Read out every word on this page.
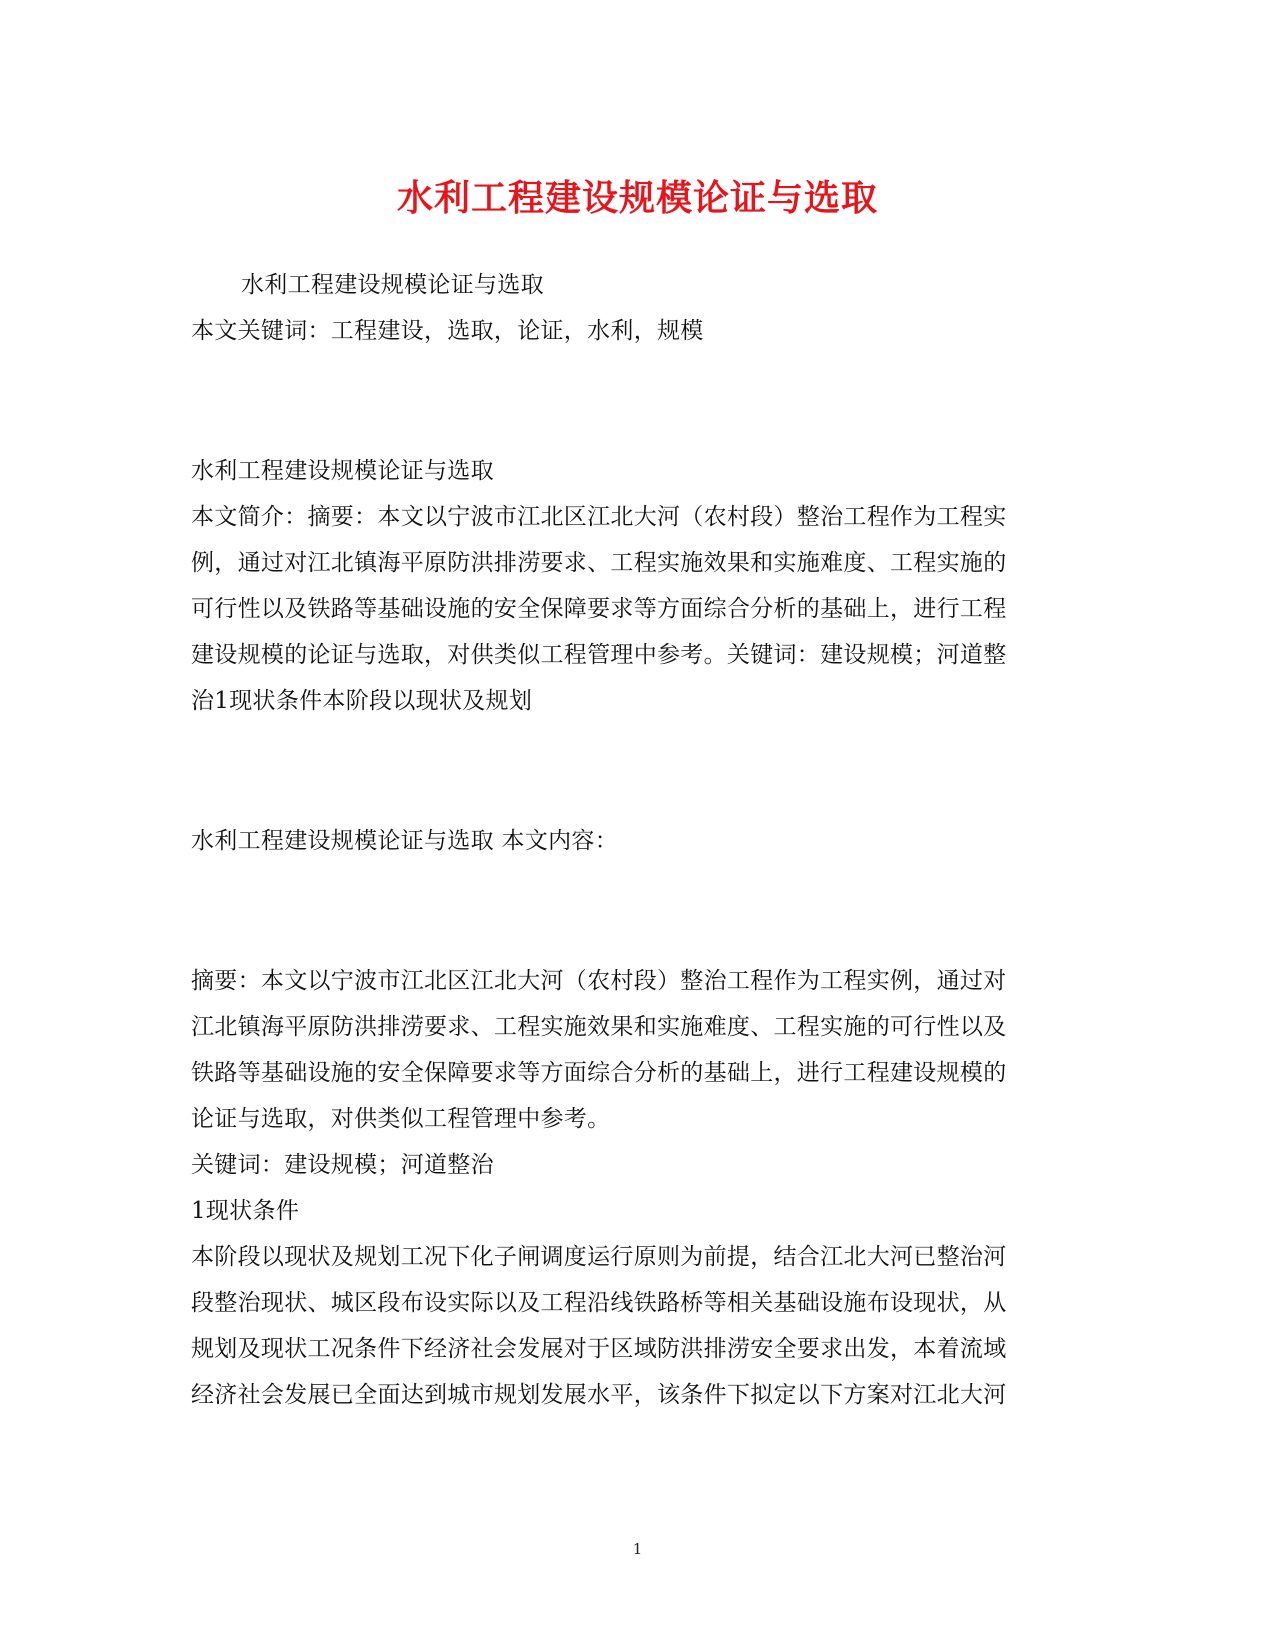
水利工程建设规模论证与选取
水利工程建设规模论证与选取
本文关键词：工程建设，选取，论证，水利，规模
水利工程建设规模论证与选取
本文简介：摘要：本文以宁波市江北区江北大河（农村段）整治工程作为工程实
例，通过对江北镇海平原防洪排涝要求、工程实施效果和实施难度、工程实施的
可行性以及铁路等基础设施的安全保障要求等方面综合分析的基础上，进行工程
建设规模的论证与选取，对供类似工程管理中参考。关键词：建设规模；河道整
治1现状条件本阶段以现状及规划
水利工程建设规模论证与选取 本文内容：
摘要：本文以宁波市江北区江北大河（农村段）整治工程作为工程实例，通过对
江北镇海平原防洪排涝要求、工程实施效果和实施难度、工程实施的可行性以及
铁路等基础设施的安全保障要求等方面综合分析的基础上，进行工程建设规模的
论证与选取，对供类似工程管理中参考。
关键词：建设规模；河道整治
1现状条件
本阶段以现状及规划工况下化子闸调度运行原则为前提，结合江北大河已整治河
段整治现状、城区段布设实际以及工程沿线铁路桥等相关基础设施布设现状，从
规划及现状工况条件下经济社会发展对于区域防洪排涝安全要求出发，本着流域
经济社会发展已全面达到城市规划发展水平，该条件下拟定以下方案对江北大河
1
